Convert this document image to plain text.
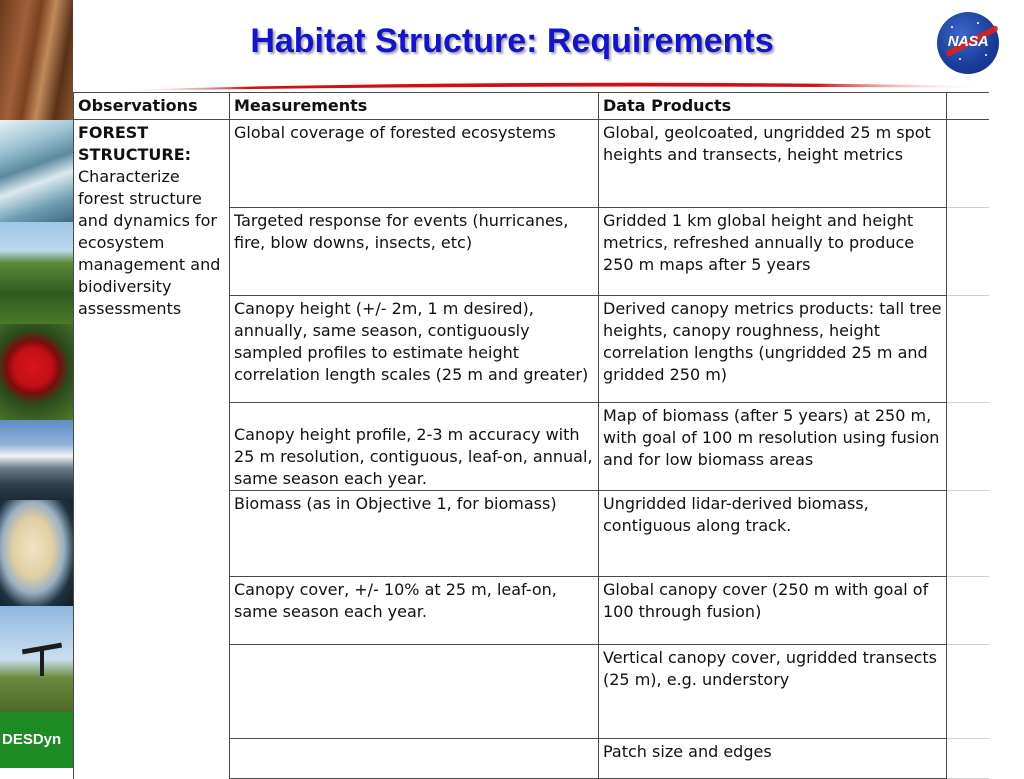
DESDyn
Habitat Structure: Requirements	NASA
Observations	Measurements	Data Products	

FOREST STRUCTURE:
Characterize forest structure and dynamics for ecosystem management and biodiversity assessments	Global coverage of forested ecosystems	Global, geolcoated, ungridded 25 m spot heights and transects, height metrics	
	Targeted response for events (hurricanes, fire, blow downs, insects, etc)	Gridded 1 km global height and height metrics, refreshed annually to produce 250 m maps after 5 years	
	Canopy height (+/- 2m, 1 m desired), annually, same season, contiguously sampled profiles to estimate height correlation length scales (25 m and greater)	Derived canopy metrics products: tall tree heights, canopy roughness, height correlation lengths (ungridded 25 m and gridded 250 m)	
	Canopy height profile, 2-3 m accuracy with 25 m resolution, contiguous, leaf-on, annual, same season each year.	Map of biomass (after 5 years) at 250 m, with goal of 100 m resolution using fusion and for low biomass areas	
	Biomass (as in Objective 1, for biomass)	Ungridded lidar-derived biomass, contiguous along track.	
	Canopy cover, +/- 10% at 25 m, leaf-on, same season each year.	Global canopy cover (250 m with goal of 100 through fusion)	
		Vertical canopy cover, ugridded transects (25 m), e.g. understory	
		Patch size and edges	
